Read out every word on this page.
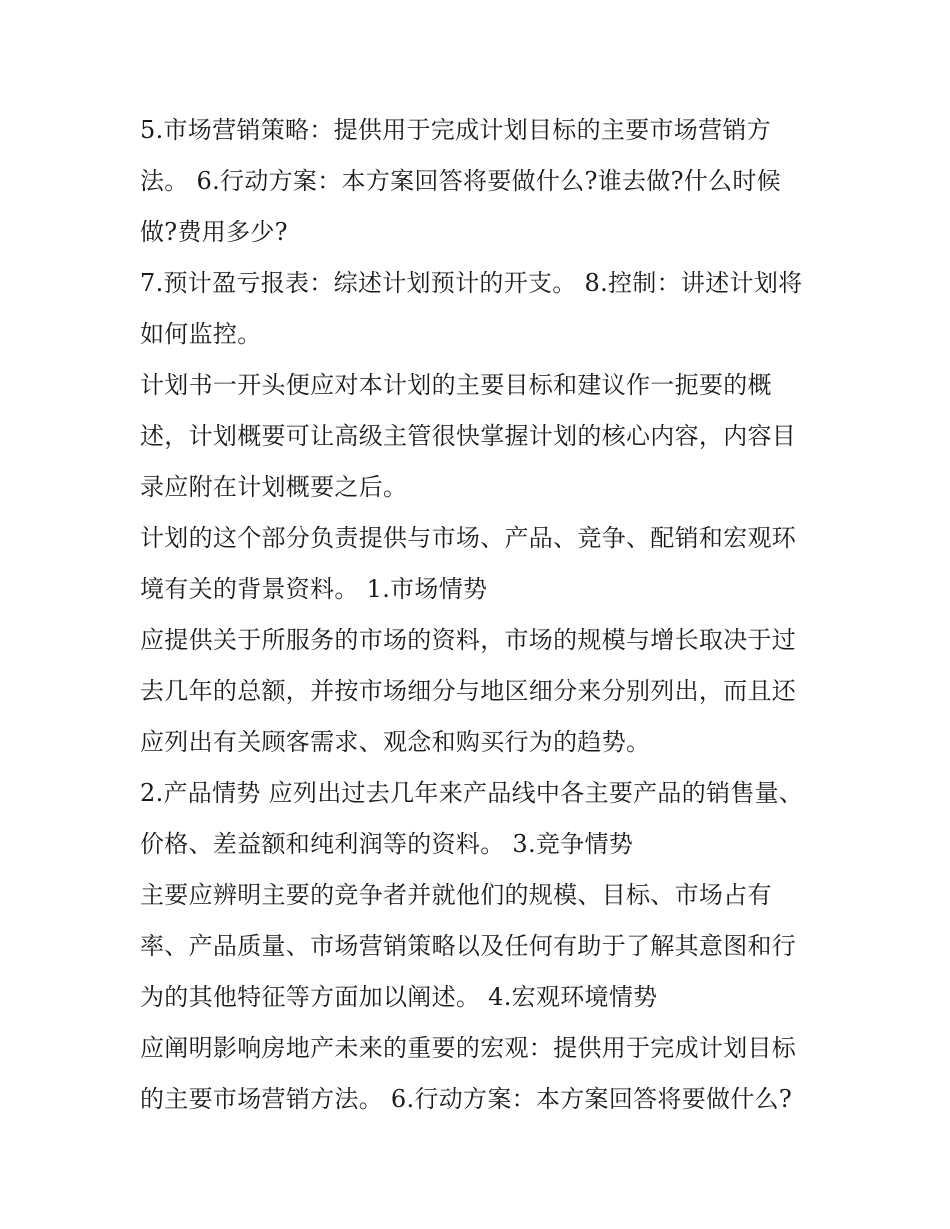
5.市场营销策略：提供用于完成计划目标的主要市场营销方
法。 6.行动方案：本方案回答将要做什么?谁去做?什么时候
做?费用多少?
7.预计盈亏报表：综述计划预计的开支。 8.控制：讲述计划将
如何监控。
计划书一开头便应对本计划的主要目标和建议作一扼要的概
述，计划概要可让高级主管很快掌握计划的核心内容，内容目
录应附在计划概要之后。
计划的这个部分负责提供与市场、产品、竞争、配销和宏观环
境有关的背景资料。 1.市场情势
应提供关于所服务的市场的资料，市场的规模与增长取决于过
去几年的总额，并按市场细分与地区细分来分别列出，而且还
应列出有关顾客需求、观念和购买行为的趋势。
2.产品情势 应列出过去几年来产品线中各主要产品的销售量、
价格、差益额和纯利润等的资料。 3.竞争情势
主要应辨明主要的竞争者并就他们的规模、目标、市场占有
率、产品质量、市场营销策略以及任何有助于了解其意图和行
为的其他特征等方面加以阐述。 4.宏观环境情势
应阐明影响房地产未来的重要的宏观：提供用于完成计划目标
的主要市场营销方法。 6.行动方案：本方案回答将要做什么?
